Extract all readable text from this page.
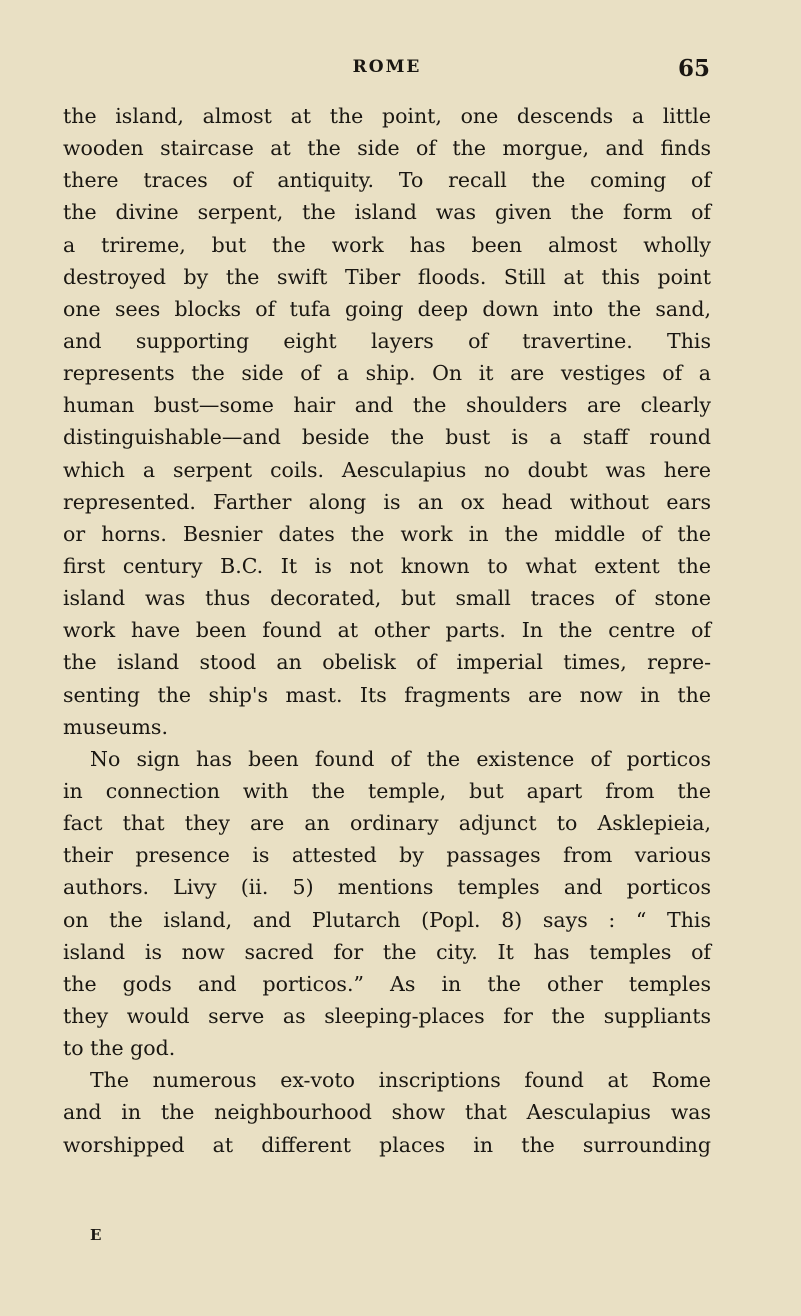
ROME	65
the island, almost at the point, one descends a little
wooden staircase at the side of the morgue, and finds
there traces of antiquity. To recall the coming of
the divine serpent, the island was given the form of
a trireme, but the work has been almost wholly
destroyed by the swift Tiber floods. Still at this point
one sees blocks of tufa going deep down into the sand,
and supporting eight layers of travertine. This
represents the side of a ship. On it are vestiges of a
human bust—some hair and the shoulders are clearly
distinguishable—and beside the bust is a staff round
which a serpent coils. Aesculapius no doubt was here
represented. Farther along is an ox head without ears
or horns. Besnier dates the work in the middle of the
first century B.C. It is not known to what extent the
island was thus decorated, but small traces of stone
work have been found at other parts. In the centre of
the island stood an obelisk of imperial times, repre-
senting the ship's mast. Its fragments are now in the
museums.
No sign has been found of the existence of porticos
in connection with the temple, but apart from the
fact that they are an ordinary adjunct to Asklepieia,
their presence is attested by passages from various
authors. Livy (ii. 5) mentions temples and porticos
on the island, and Plutarch (Popl. 8) says : “ This
island is now sacred for the city. It has temples of
the gods and porticos.” As in the other temples
they would serve as sleeping-places for the suppliants
to the god.
The numerous ex-voto inscriptions found at Rome
and in the neighbourhood show that Aesculapius was
worshipped at different places in the surrounding
E
